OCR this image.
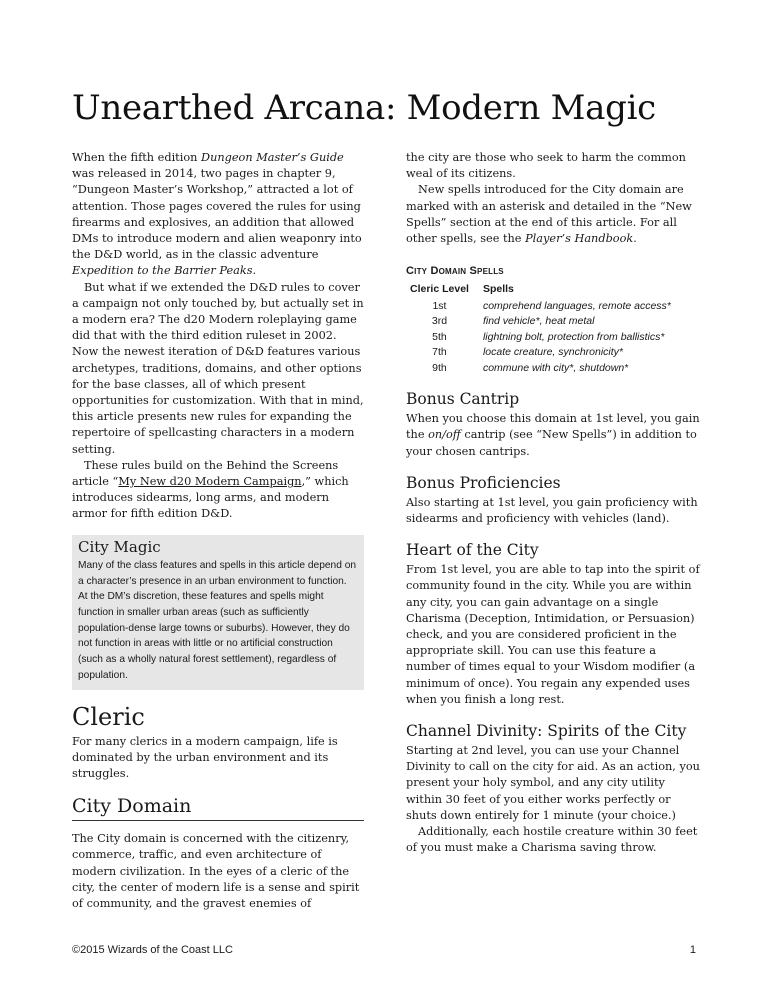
Unearthed Arcana: Modern Magic

When the fifth edition Dungeon Master’s Guide was released in 2014, two pages in chapter 9, “Dungeon Master’s Workshop,” attracted a lot of attention. Those pages covered the rules for using firearms and explosives, an addition that allowed DMs to introduce modern and alien weaponry into the D&D world, as in the classic adventure Expedition to the Barrier Peaks.

But what if we extended the D&D rules to cover a campaign not only touched by, but actually set in a modern era? The d20 Modern roleplaying game did that with the third edition ruleset in 2002. Now the newest iteration of D&D features various archetypes, traditions, domains, and other options for the base classes, all of which present opportunities for customization. With that in mind, this article presents new rules for expanding the repertoire of spellcasting characters in a modern setting.

These rules build on the Behind the Screens article “My New d20 Modern Campaign,” which introduces sidearms, long arms, and modern armor for fifth edition D&D.

City Magic

Many of the class features and spells in this article depend on a character’s presence in an urban environment to function. At the DM’s discretion, these features and spells might function in smaller urban areas (such as sufficiently population-dense large towns or suburbs). However, they do not function in areas with little or no artificial construction (such as a wholly natural forest settlement), regardless of population.

Cleric

For many clerics in a modern campaign, life is dominated by the urban environment and its struggles.

City Domain

The City domain is concerned with the citizenry, commerce, traffic, and even architecture of modern civilization. In the eyes of a cleric of the city, the center of modern life is a sense and spirit of community, and the gravest enemies of

the city are those who seek to harm the common weal of its citizens.

New spells introduced for the City domain are marked with an asterisk and detailed in the “New Spells” section at the end of this article. For all other spells, see the Player’s Handbook.

City Domain Spells
Cleric Level	Spells
1st	comprehend languages, remote access*
3rd	find vehicle*, heat metal
5th	lightning bolt, protection from ballistics*
7th	locate creature, synchronicity*
9th	commune with city*, shutdown*
Bonus Cantrip

When you choose this domain at 1st level, you gain the on/off cantrip (see “New Spells”) in addition to your chosen cantrips.

Bonus Proficiencies

Also starting at 1st level, you gain proficiency with sidearms and proficiency with vehicles (land).

Heart of the City

From 1st level, you are able to tap into the spirit of community found in the city. While you are within any city, you can gain advantage on a single Charisma (Deception, Intimidation, or Persuasion) check, and you are considered proficient in the appropriate skill. You can use this feature a number of times equal to your Wisdom modifier (a minimum of once). You regain any expended uses when you finish a long rest.

Channel Divinity: Spirits of the City

Starting at 2nd level, you can use your Channel Divinity to call on the city for aid. As an action, you present your holy symbol, and any city utility within 30 feet of you either works perfectly or shuts down entirely for 1 minute (your choice.)

Additionally, each hostile creature within 30 feet of you must make a Charisma saving throw.

©2015 Wizards of the Coast LLC	1
